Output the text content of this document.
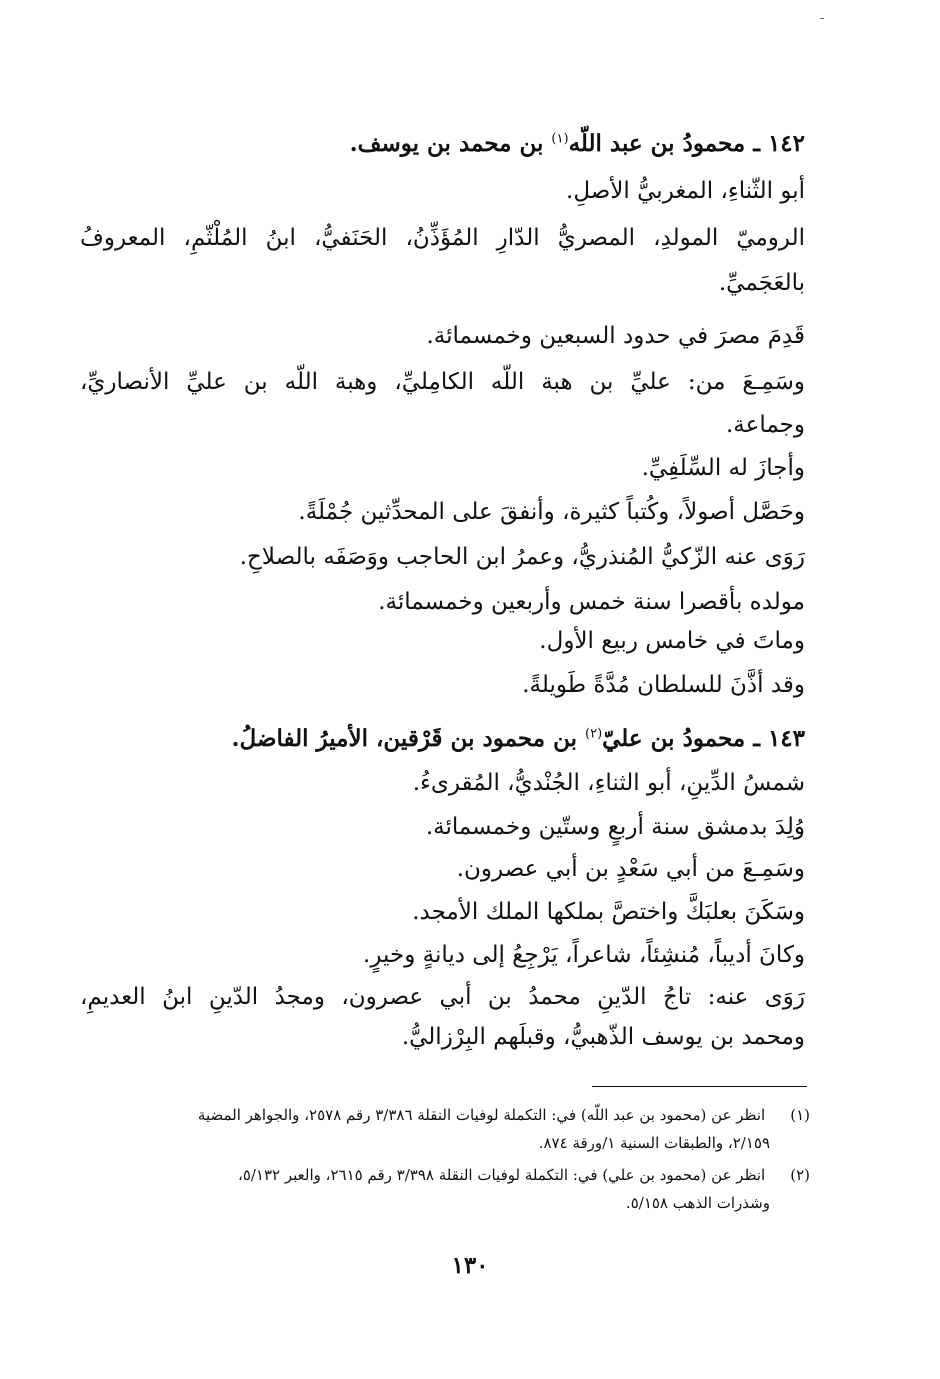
١٤٢ ـ محمودُ بن عبد اللّه$^{(١)}$ بن محمد بن يوسف.
أبو الثّناءِ، المغربيُّ الأصلِ.
الروميّ المولدِ، المصريُّ الدّارِ المُؤَذِّنُ، الحَنَفيُّ، ابنُ المُلْثّمِ، المعروفُ
بالعَجَميِّ.
قَدِمَ مصرَ في حدود السبعين وخمسمائة.
وسَمِـعَ من: عليِّ بن هبة اللّه الكامِليِّ، وهبة اللّه بن عليِّ الأنصاريِّ،
وجماعة.
وأجازَ له السِّلَفِيِّ.
وحَصَّل أصولاً، وكُتباً كثيرة، وأنفقَ على المحدِّثين جُمْلَةً.
رَوَى عنه الزّكيُّ المُنذريُّ، وعمرُ ابن الحاجب ووَصَفَه بالصلاحِ.
مولده بأقصرا سنة خمس وأربعين وخمسمائة.
وماتَ في خامس ربيع الأول.
وقد أذَّنَ للسلطان مُدَّةً طَويلةً.
١٤٣ ـ محمودُ بن عليّ$^{(٢)}$ بن محمود بن قَرْقين، الأميرُ الفاضلُ.
شمسُ الدِّينِ، أبو الثناءِ، الجُنْديُّ، المُقرىءُ.
وُلِدَ بدمشق سنة أربعٍ وستّين وخمسمائة.
وسَمِـعَ من أبي سَعْدٍ بن أبي عصرون.
وسَكَنَ بعلبَكَّ واختصَّ بملكها الملك الأمجد.
وكانَ أديباً، مُنشِئاً، شاعراً، يَرْجِعُ إلى ديانةٍ وخيرٍ.
رَوَى عنه: تاجُ الدّينِ محمدُ بن أبي عصرون، ومجدُ الدّينِ ابنُ العديمِ،
ومحمد بن يوسف الذّهبيُّ، وقبلَهم البِرْزاليُّ.
(١) انظر عن (محمود بن عبد اللّه) في: التكملة لوفيات النقلة ٣/٣٨٦ رقم ٢٥٧٨، والجواهر المضية
٢/١٥٩، والطبقات السنية ١/ورقة ٨٧٤.
(٢) انظر عن (محمود بن علي) في: التكملة لوفيات النقلة ٣/٣٩٨ رقم ٢٦١٥، والعبر ٥/١٣٢،
وشذرات الذهب ٥/١٥٨.
١٣٠
